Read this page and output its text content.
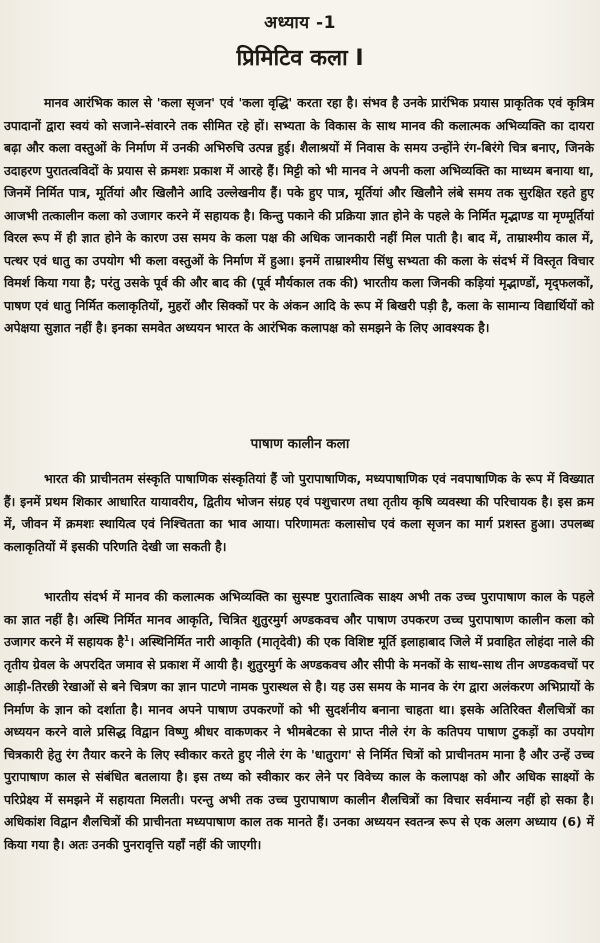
अध्याय -1
प्रिमिटिव कला I
मानव आरंभिक काल से 'कला सृजन' एवं 'कला वृद्धि' करता रहा है। संभव है उनके प्रारंभिक प्रयास प्राकृतिक एवं कृत्रिम उपादानों द्वारा स्वयं को सजाने-संवारने तक सीमित रहे हों। सभ्यता के विकास के साथ मानव की कलात्मक अभिव्यक्ति का दायरा बढ़ा और कला वस्तुओं के निर्माण में उनकी अभिरुचि उत्पन्न हुई। शैलाश्रयों में निवास के समय उन्होंने रंग-बिरंगे चित्र बनाए, जिनके उदाहरण पुरातत्वविदों के प्रयास से क्रमशः प्रकाश में आरहे हैं। मिट्टी को भी मानव ने अपनी कला अभिव्यक्ति का माध्यम बनाया था, जिनमें निर्मित पात्र, मूर्तियां और खिलौने आदि उल्लेखनीय हैं। पके हुए पात्र, मूर्तियां और खिलौने लंबे समय तक सुरक्षित रहते हुए आजभी तत्कालीन कला को उजागर करने में सहायक है। किन्तु पकाने की प्रक्रिया ज्ञात होने के पहले के निर्मित मृद्भाण्ड या मृण्मूर्तियां विरल रूप में ही ज्ञात होने के कारण उस समय के कला पक्ष की अधिक जानकारी नहीं मिल पाती है। बाद में, ताम्राश्मीय काल में, पत्थर एवं धातु का उपयोग भी कला वस्तुओं के निर्माण में हुआ। इनमें ताम्राश्मीय सिंधु सभ्यता की कला के संदर्भ में विस्तृत विचार विमर्श किया गया है; परंतु उसके पूर्व की और बाद की (पूर्व मौर्यकाल तक की) भारतीय कला जिनकी कड़ियां मृद्भाण्डों, मृद्फलकों, पाषण एवं धातु निर्मित कलाकृतियों, मुहरों और सिक्कों पर के अंकन आदि के रूप में बिखरी पड़ी है, कला के सामान्य विद्यार्थियों को अपेक्षया सुज्ञात नहीं है। इनका समवेत अध्ययन भारत के आरंभिक कलापक्ष को समझने के लिए आवश्यक है।
पाषाण कालीन कला
भारत की प्राचीनतम संस्कृति पाषाणिक संस्कृतियां हैं जो पुरापाषाणिक, मध्यपाषाणिक एवं नवपाषाणिक के रूप में विख्यात हैं। इनमें प्रथम शिकार आधारित यायावरीय, द्वितीय भोजन संग्रह एवं पशुचारण तथा तृतीय कृषि व्यवस्था की परिचायक है। इस क्रम में, जीवन में क्रमशः स्थायित्व एवं निश्चितता का भाव आया। परिणामतः कलासोच एवं कला सृजन का मार्ग प्रशस्त हुआ। उपलब्ध कलाकृतियों में इसकी परिणति देखी जा सकती है।
भारतीय संदर्भ में मानव की कलात्मक अभिव्यक्ति का सुस्पष्ट पुरातात्विक साक्ष्य अभी तक उच्च पुरापाषाण काल के पहले का ज्ञात नहीं है। अस्थि निर्मित मानव आकृति, चित्रित शुतुरमुर्ग अण्डकवच और पाषाण उपकरण उच्च पुरापाषाण कालीन कला को उजागर करने में सहायक है$^1$। अस्थिनिर्मित नारी आकृति (मातृदेवी) की एक विशिष्ट मूर्ति इलाहाबाद जिले में प्रवाहित लोहंदा नाले की तृतीय ग्रेवल के अपरदित जमाव से प्रकाश में आयी है। शुतुरमुर्ग के अण्डकवच और सीपी के मनकों के साथ-साथ तीन अण्डकवचों पर आड़ी-तिरछी रेखाओं से बने चित्रण का ज्ञान पाटणे नामक पुरास्थल से है। यह उस समय के मानव के रंग द्वारा अलंकरण अभिप्रायों के निर्माण के ज्ञान को दर्शाता है। मानव अपने पाषाण उपकरणों को भी सुदर्शनीय बनाना चाहता था। इसके अतिरिक्त शैलचित्रों का अध्ययन करने वाले प्रसिद्ध विद्वान विष्णु श्रीधर वाकणकर ने भीमबेटका से प्राप्त नीले रंग के कतिपय पाषाण टुकड़ों का उपयोग चित्रकारी हेतु रंग तैयार करने के लिए स्वीकार करते हुए नीले रंग के 'धातुराग' से निर्मित चित्रों को प्राचीनतम माना है और उन्हें उच्च पुरापाषाण काल से संबंधित बतलाया है। इस तथ्य को स्वीकार कर लेने पर विवेच्य काल के कलापक्ष को और अधिक साक्ष्यों के परिप्रेक्ष्य में समझने में सहायता मिलती। परन्तु अभी तक उच्च पुरापाषाण कालीन शैलचित्रों का विचार सर्वमान्य नहीं हो सका है। अधिकांश विद्वान शैलचित्रों की प्राचीनता मध्यपाषाण काल तक मानते हैं। उनका अध्ययन स्वतन्त्र रूप से एक अलग अध्याय (6) में किया गया है। अतः उनकी पुनरावृत्ति यहाँ नहीं की जाएगी।
